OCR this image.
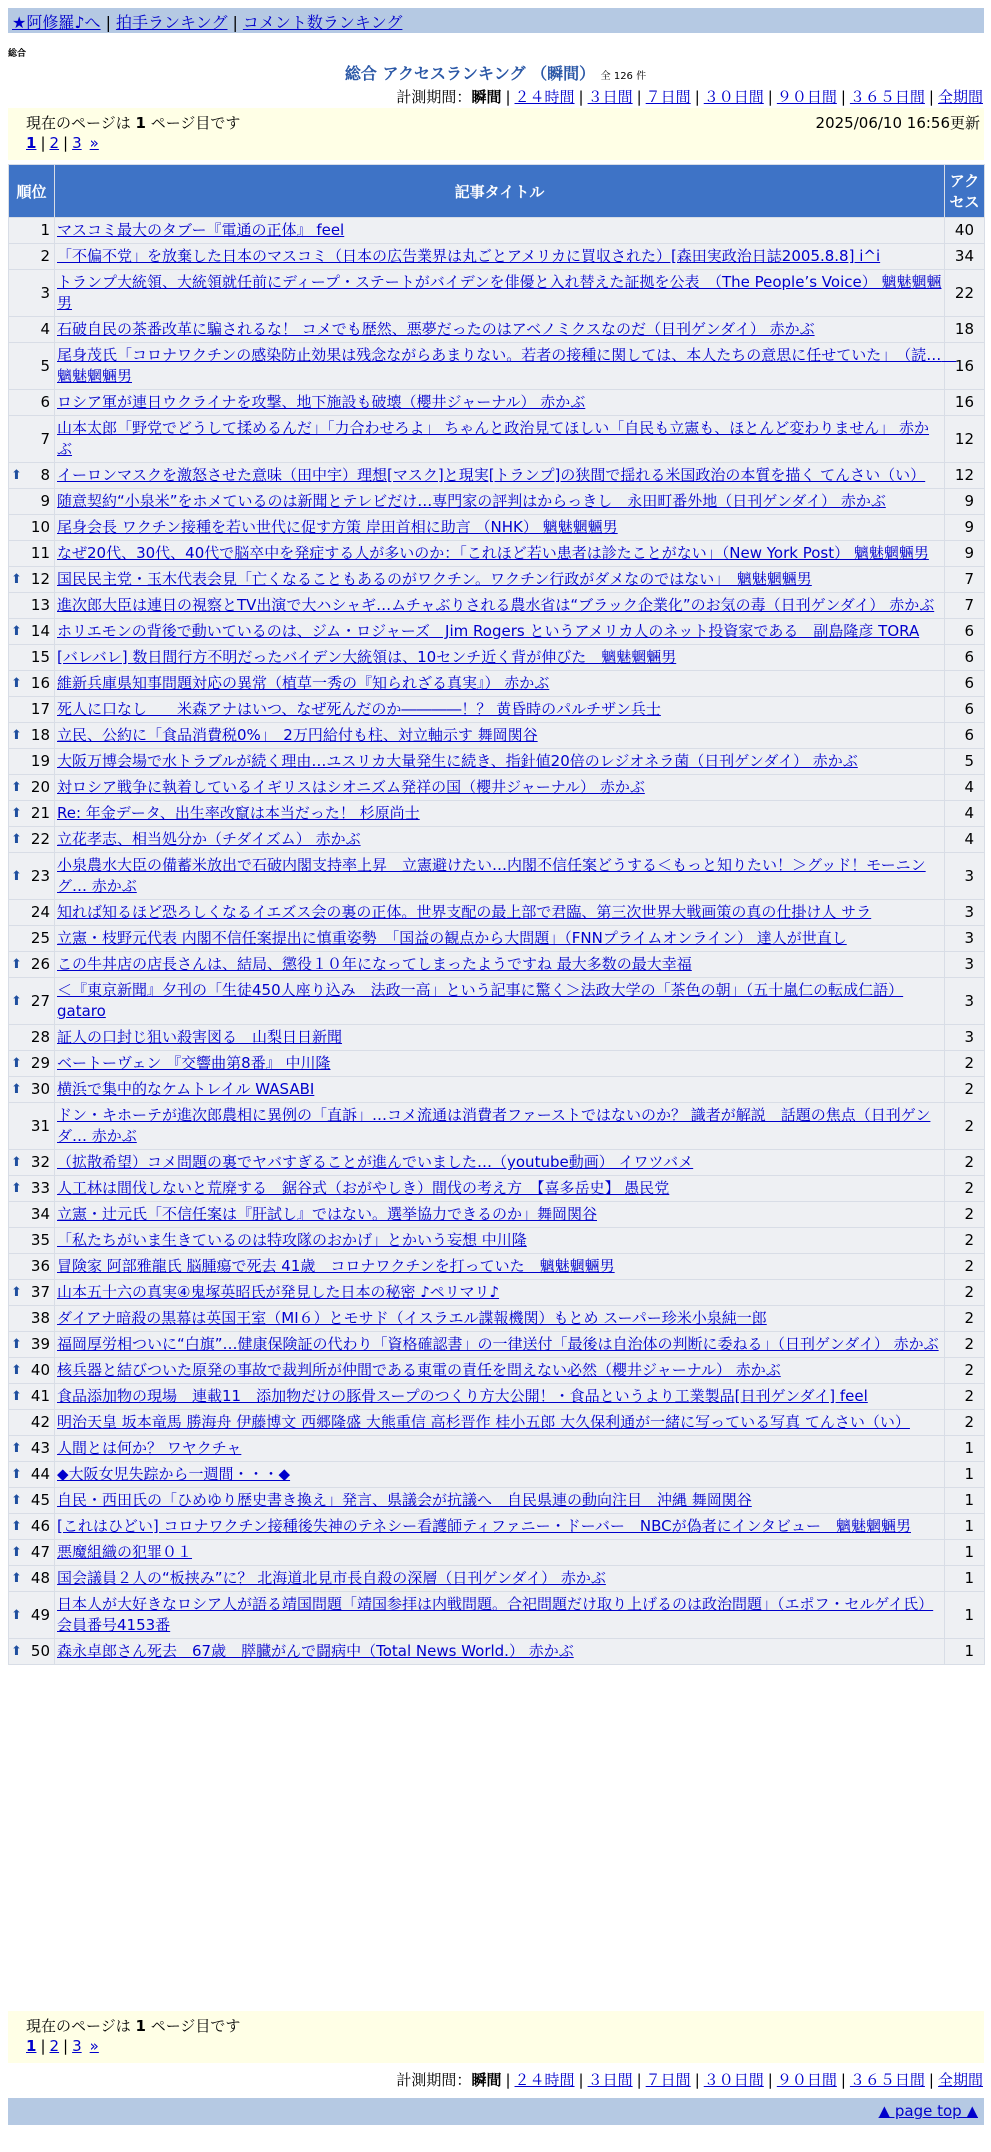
★阿修羅♪へ | 拍手ランキング | コメント数ランキング
総合
総合 アクセスランキング （瞬間） 全 126 件
計測期間：瞬間 | ２４時間 | ３日間 | ７日間 | ３０日間 | ９０日間 | ３６５日間 | 全期間
現在のページは 1 ページ目です	2025/06/10 16:56更新
1 | 2 | 3 »
順位	記事タイトル	アクセス
1	マスコミ最大のタブー『電通の正体』 feel	40
2	「不偏不党」を放棄した日本のマスコミ（日本の広告業界は丸ごとアメリカに買収された）[森田実政治日誌2005.8.8] i^i	34
3	トランプ大統領、大統領就任前にディープ・ステートがバイデンを俳優と入れ替えた証拠を公表　（The People’s Voice） 魑魅魍魎男	22
4	石破自民の茶番改革に騙されるな！ コメでも歴然、悪夢だったのはアベノミクスなのだ（日刊ゲンダイ） 赤かぶ	18
5	尾身茂氏「コロナワクチンの感染防止効果は残念ながらあまりない。若者の接種に関しては、本人たちの意思に任せていた」　（読…　魑魅魍魎男	16
6	ロシア軍が連日ウクライナを攻撃、地下施設も破壊（櫻井ジャーナル） 赤かぶ	16
7	山本太郎「野党でどうして揉めるんだ」「力合わせろよ」 ちゃんと政治見てほしい「自民も立憲も、ほとんど変わりません」 赤かぶ	12

⬆ 8	イーロンマスクを激怒させた意味（田中宇）理想[マスク]と現実[トランプ]の狭間で揺れる米国政治の本質を描く てんさい（い）	12
9	随意契約“小泉米”をホメているのは新聞とテレビだけ…専門家の評判はからっきし　永田町番外地（日刊ゲンダイ） 赤かぶ	9
10	尾身会長 ワクチン接種を若い世代に促す方策 岸田首相に助言 （NHK） 魑魅魍魎男	9
11	なぜ20代、30代、40代で脳卒中を発症する人が多いのか：「これほど若い患者は診たことがない」（New York Post） 魑魅魍魎男	9

⬆ 12	国民民主党・玉木代表会見「亡くなることもあるのがワクチン。ワクチン行政がダメなのではない」　魑魅魍魎男	7
13	進次郎大臣は連日の視察とTV出演で大ハシャギ…ムチャぶりされる農水省は“ブラック企業化”のお気の毒（日刊ゲンダイ） 赤かぶ	7

⬆ 14	ホリエモンの背後で動いているのは、ジム・ロジャーズ　Jim Rogers というアメリカ人のネット投資家である　副島隆彦 TORA	6
15	[バレバレ] 数日間行方不明だったバイデン大統領は、10センチ近く背が伸びた　魑魅魍魎男	6

⬆ 16	維新兵庫県知事問題対応の異常（植草一秀の『知られざる真実』） 赤かぶ	6
17	死人に口なし　　米森アナはいつ、なぜ死んだのか――――！？ 黄昏時のパルチザン兵士	6

⬆ 18	立民、公約に「食品消費税0%」　2万円給付も柱、対立軸示す 舞岡関谷	6
19	大阪万博会場で水トラブルが続く理由…ユスリカ大量発生に続き、指針値20倍のレジオネラ菌（日刊ゲンダイ） 赤かぶ	5

⬆ 20	対ロシア戦争に執着しているイギリスはシオニズム発祥の国（櫻井ジャーナル） 赤かぶ	4

⬆ 21	Re: 年金データ、出生率改竄は本当だった！ 杉原尚士	4

⬆ 22	立花孝志、相当処分か（チダイズム） 赤かぶ	4

⬆ 23	小泉農水大臣の備蓄米放出で石破内閣支持率上昇　立憲避けたい…内閣不信任案どうする＜もっと知りたい！＞グッド！モーニング… 赤かぶ	3
24	知れば知るほど恐ろしくなるイエズス会の裏の正体。世界支配の最上部で君臨、第三次世界大戦画策の真の仕掛け人 サラ	3
25	立憲・枝野元代表 内閣不信任案提出に慎重姿勢　「国益の観点から大問題」（FNNプライムオンライン） 達人が世直し	3

⬆ 26	この牛丼店の店長さんは、結局、懲役１０年になってしまったようですね 最大多数の最大幸福	3

⬆ 27	＜『東京新聞』夕刊の「生徒450人座り込み　法政一高」という記事に驚く＞法政大学の「茶色の朝」（五十嵐仁の転成仁語） gataro	3
28	証人の口封じ狙い殺害図る　山梨日日新聞	3

⬆ 29	ベートーヴェン 『交響曲第8番』 中川隆	2

⬆ 30	横浜で集中的なケムトレイル WASABI	2
31	ドン・キホーテが進次郎農相に異例の「直訴」…コメ流通は消費者ファーストではないのか？ 識者が解説　話題の焦点（日刊ゲンダ… 赤かぶ	2

⬆ 32	（拡散希望）コメ問題の裏でヤバすぎることが進んでいました…（youtube動画） イワツバメ	2

⬆ 33	人工林は間伐しないと荒廃する　鋸谷式（おがやしき）間伐の考え方　【喜多岳史】 愚民党	2
34	立憲・辻元氏「不信任案は『肝試し』ではない。選挙協力できるのか」舞岡関谷	2
35	「私たちがいま生きているのは特攻隊のおかげ」とかいう妄想 中川隆	2
36	冒険家 阿部雅龍氏 脳腫瘍で死去 41歳　コロナワクチンを打っていた　魑魅魍魎男	2

⬆ 37	山本五十六の真実④鬼塚英昭氏が発見した日本の秘密 ♪ペリマリ♪	2
38	ダイアナ暗殺の黒幕は英国王室（MI６）とモサド（イスラエル諜報機関）もとめ スーパー珍米小泉純一郎	2

⬆ 39	福岡厚労相ついに“白旗”…健康保険証の代わり「資格確認書」の一律送付「最後は自治体の判断に委ねる」（日刊ゲンダイ） 赤かぶ	2

⬆ 40	核兵器と結びついた原発の事故で裁判所が仲間である東電の責任を問えない必然（櫻井ジャーナル） 赤かぶ	2

⬆ 41	食品添加物の現場　連載11　添加物だけの豚骨スープのつくり方大公開！・食品というより工業製品[日刊ゲンダイ] feel	2
42	明治天皇 坂本竜馬 勝海舟 伊藤博文 西郷隆盛 大熊重信 高杉晋作 桂小五郎 大久保利通が一緒に写っている写真 てんさい（い）	2

⬆ 43	人間とは何か？ ワヤクチャ	1

⬆ 44	◆大阪女児失踪から一週間・・・◆	1

⬆ 45	自民・西田氏の「ひめゆり歴史書き換え」発言、県議会が抗議へ　自民県連の動向注目　沖縄 舞岡関谷	1

⬆ 46	[これはひどい] コロナワクチン接種後失神のテネシー看護師ティファニー・ドーバー　NBCが偽者にインタビュー　魑魅魍魎男	1

⬆ 47	悪魔組織の犯罪０１	1

⬆ 48	国会議員２人の“板挟み”に？ 北海道北見市長自殺の深層（日刊ゲンダイ） 赤かぶ	1

⬆ 49	日本人が大好きなロシア人が語る靖国問題「靖国参拝は内戦問題。合祀問題だけ取り上げるのは政治問題」（エポフ・セルゲイ氏） 会員番号4153番	1

⬆ 50	森永卓郎さん死去　67歳　膵臓がんで闘病中（Total News World.） 赤かぶ	1
現在のページは 1 ページ目です
1 | 2 | 3 »
計測期間：瞬間 | ２４時間 | ３日間 | ７日間 | ３０日間 | ９０日間 | ３６５日間 | 全期間
▲ page top ▲
